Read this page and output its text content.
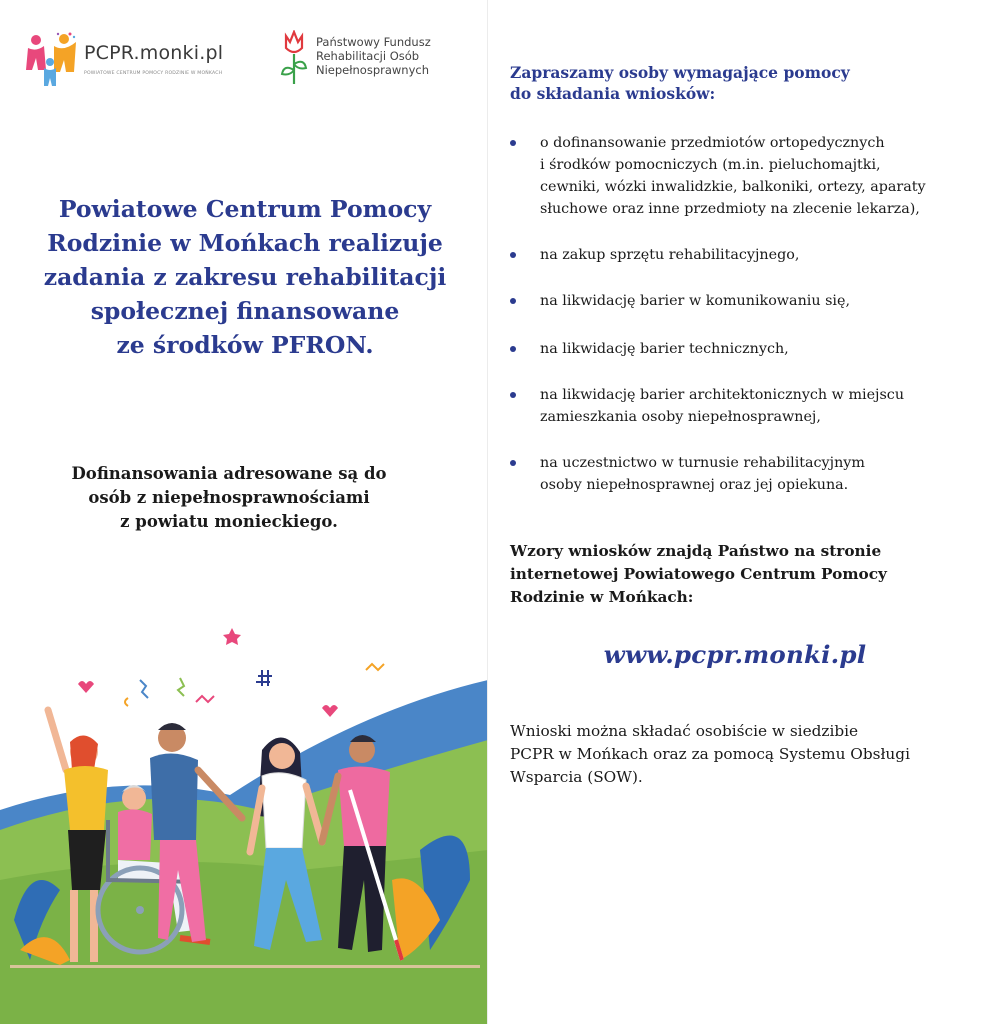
PCPR.monki.pl
POWIATOWE CENTRUM POMOCY RODZINIE W MOŃKACH
Państwowy Fundusz
Rehabilitacji Osób
Niepełnosprawnych
Powiatowe Centrum Pomocy
Rodzinie w Mońkach realizuje
zadania z zakresu rehabilitacji
społecznej finansowane
ze środków PFRON.
Dofinansowania adresowane są do
osób z niepełnosprawnościami
z powiatu monieckiego.
Zapraszamy osoby wymagające pomocy
do składania wniosków:
o dofinansowanie przedmiotów ortopedycznych
i środków pomocniczych (m.in. pieluchomajtki,
cewniki, wózki inwalidzkie, balkoniki, ortezy, aparaty
słuchowe oraz inne przedmioty na zlecenie lekarza),
na zakup sprzętu rehabilitacyjnego,
na likwidację barier w komunikowaniu się,
na likwidację barier technicznych,
na likwidację barier architektonicznych w miejscu
zamieszkania osoby niepełnosprawnej,
na uczestnictwo w turnusie rehabilitacyjnym
osoby niepełnosprawnej oraz jej opiekuna.
Wzory wniosków znajdą Państwo na stronie
internetowej Powiatowego Centrum Pomocy
Rodzinie w Mońkach:
www.pcpr.monki.pl
Wnioski można składać osobiście w siedzibie
PCPR w Mońkach oraz za pomocą Systemu Obsługi
Wsparcia (SOW).
